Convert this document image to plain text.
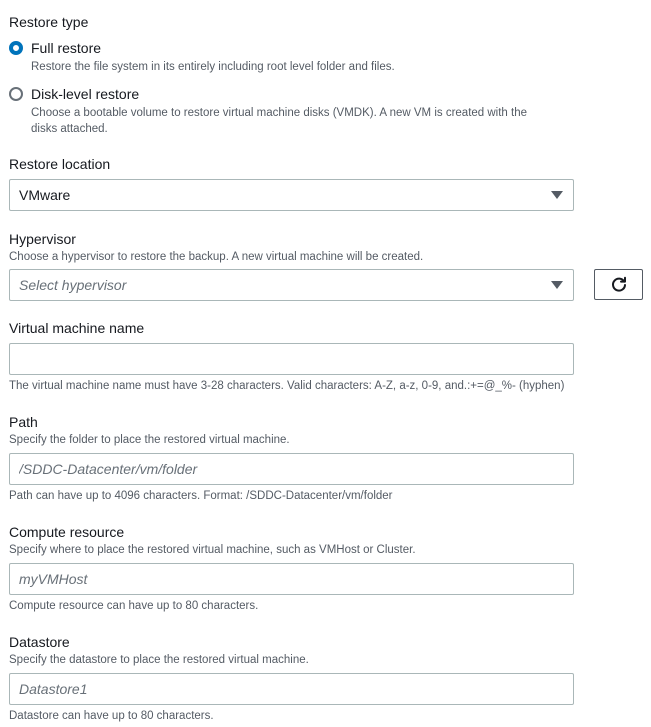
Restore type
Full restore
Restore the file system in its entirely including root level folder and files.
Disk-level restore
Choose a bootable volume to restore virtual machine disks (VMDK). A new VM is created with the
disks attached.
Restore location
VMware
Hypervisor
Choose a hypervisor to restore the backup. A new virtual machine will be created.
Select hypervisor
Virtual machine name
The virtual machine name must have 3-28 characters. Valid characters: A-Z, a-z, 0-9, and.:+=@_%- (hyphen)
Path
Specify the folder to place the restored virtual machine.
/SDDC-Datacenter/vm/folder
Path can have up to 4096 characters. Format: /SDDC-Datacenter/vm/folder
Compute resource
Specify where to place the restored virtual machine, such as VMHost or Cluster.
myVMHost
Compute resource can have up to 80 characters.
Datastore
Specify the datastore to place the restored virtual machine.
Datastore1
Datastore can have up to 80 characters.
